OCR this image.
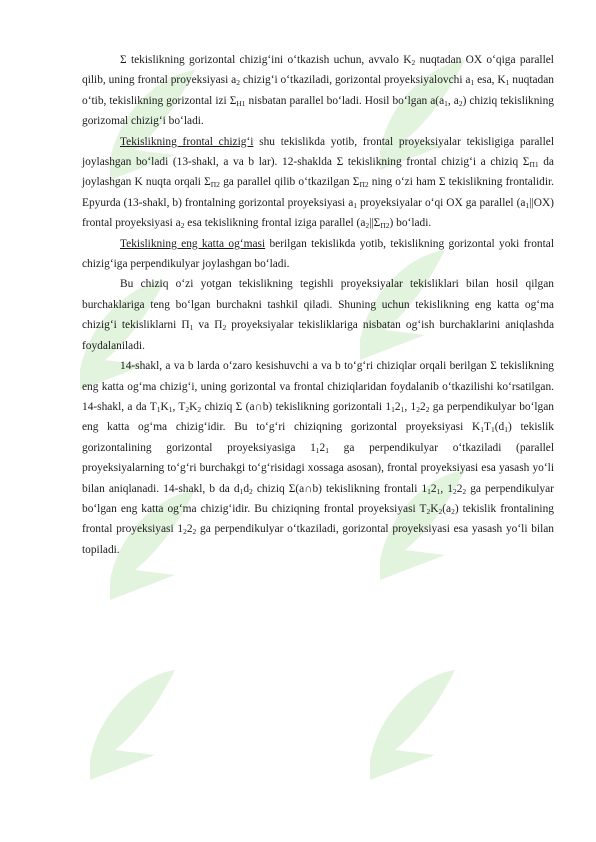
Σ tekislikning gorizontal chizig‘ini o‘tkazish uchun, avvalo $K_2$ nuqtadan OX o‘qiga parallel qilib, uning frontal proyeksiyasi $a_2$ chizig‘i o‘tkaziladi, gorizontal proyeksiyalovchi $a_1$ esa, $K_1$ nuqtadan o‘tib, tekislikning gorizontal izi $\Sigma_{H1}$ nisbatan parallel bo‘ladi. Hosil bo‘lgan $a(a_1$, $a_2$) chiziq tekislikning gorizomal chizig‘i bo‘ladi.

Tekislikning frontal chizig‘i shu tekislikda yotib, frontal proyeksiyalar tekisligiga parallel joylashgan bo‘ladi (13-shakl, a va b lar). 12-shaklda Σ tekislikning frontal chizig‘i a chiziq $\Sigma_{\Pi 1}$ da joylashgan K nuqta orqali $\Sigma_{\Pi 2}$ ga parallel qilib o‘tkazilgan $\Sigma_{\Pi 2}$ ning o‘zi ham Σ tekislikning frontalidir. Epyurda (13-shakl, b) frontalning gorizontal proyeksiyasi $a_1$ proyeksiyalar o‘qi OX ga parallel $(a_1||OX)$ frontal proyeksiyasi $a_2$ esa tekislikning frontal iziga parallel $(a_2||\Sigma_{\Pi 2})$ bo‘ladi.

Tekislikning eng katta og‘masi berilgan tekislikda yotib, tekislikning gorizontal yoki frontal chizig‘iga perpendikulyar joylashgan bo‘ladi.

Bu chiziq o‘zi yotgan tekislikning tegishli proyeksiyalar tekisliklari bilan hosil qilgan burchaklariga teng bo‘lgan burchakni tashkil qiladi. Shuning uchun tekislikning eng katta og‘ma chizig‘i tekisliklarni $\Pi_1$ va $\Pi_2$ proyeksiyalar tekisliklariga nisbatan og‘ish burchaklarini aniqlashda foydalaniladi.

14-shakl, a va b larda o‘zaro kesishuvchi a va b to‘g‘ri chiziqlar orqali berilgan Σ tekislikning eng katta og‘ma chizig‘i, uning gorizontal va frontal chiziqlaridan foydalanib o‘tkazilishi ko‘rsatilgan. 14-shakl, a da $T_1K_1$, $T_2K_2$ chiziq Σ (a∩b) tekislikning gorizontali $1_12_1$, $1_22_2$ ga perpendikulyar bo‘lgan eng katta og‘ma chizig‘idir. Bu to‘g‘ri chiziqning gorizontal proyeksiyasi $K_1T_1(d_1)$ tekislik gorizontalining gorizontal proyeksiyasiga $1_12_1$ ga perpendikulyar o‘tkaziladi (parallel proyeksiyalarning to‘g‘ri burchakgi to‘g‘risidagi xossaga asosan), frontal proyeksiyasi esa yasash yo‘li bilan aniqlanadi. 14-shakl, b da $d_1d_2$ chiziq Σ(a∩b) tekislikning frontali $1_12_1$, $1_22_2$ ga perpendikulyar bo‘lgan eng katta og‘ma chizig‘idir. Bu chiziqning frontal proyeksiyasi $T_2K_2(a_2)$ tekislik frontalining frontal proyeksiyasi $1_22_2$ ga perpendikulyar o‘tkaziladi, gorizontal proyeksiyasi esa yasash yo‘li bilan topiladi.
